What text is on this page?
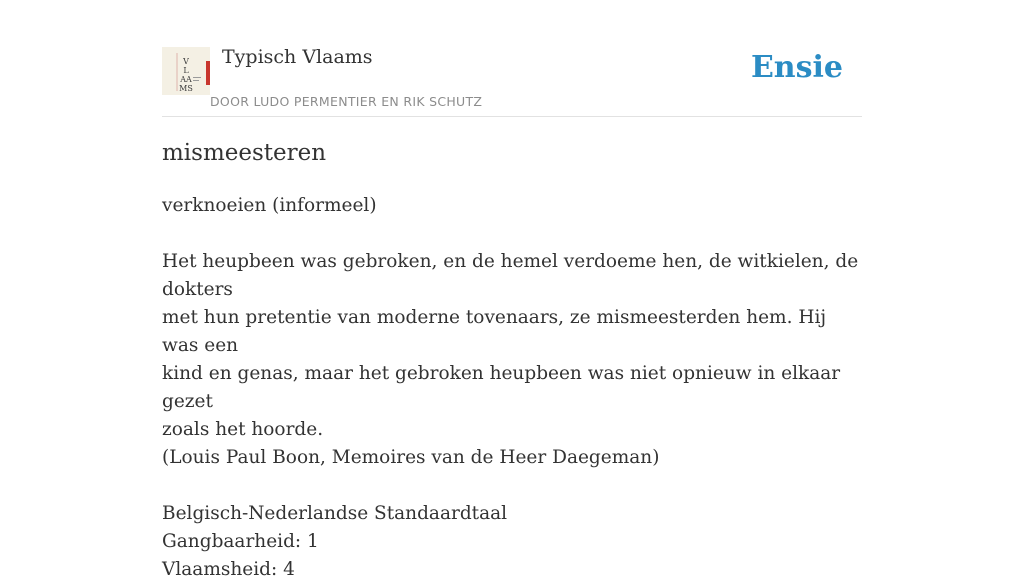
V
L
AA
MS
Typisch Vlaams
DOOR LUDO PERMENTIER EN RIK SCHUTZ
Ensie
mismeesteren

verknoeien (informeel)

Het heupbeen was gebroken, en de hemel verdoeme hen, de witkielen, de dokters

met hun pretentie van moderne tovenaars, ze mismeesterden hem. Hij was een

kind en genas, maar het gebroken heupbeen was niet opnieuw in elkaar gezet

zoals het hoorde.

(Louis Paul Boon, Memoires van de Heer Daegeman)

Belgisch-Nederlandse Standaardtaal

Gangbaarheid: 1

Vlaamsheid: 4
